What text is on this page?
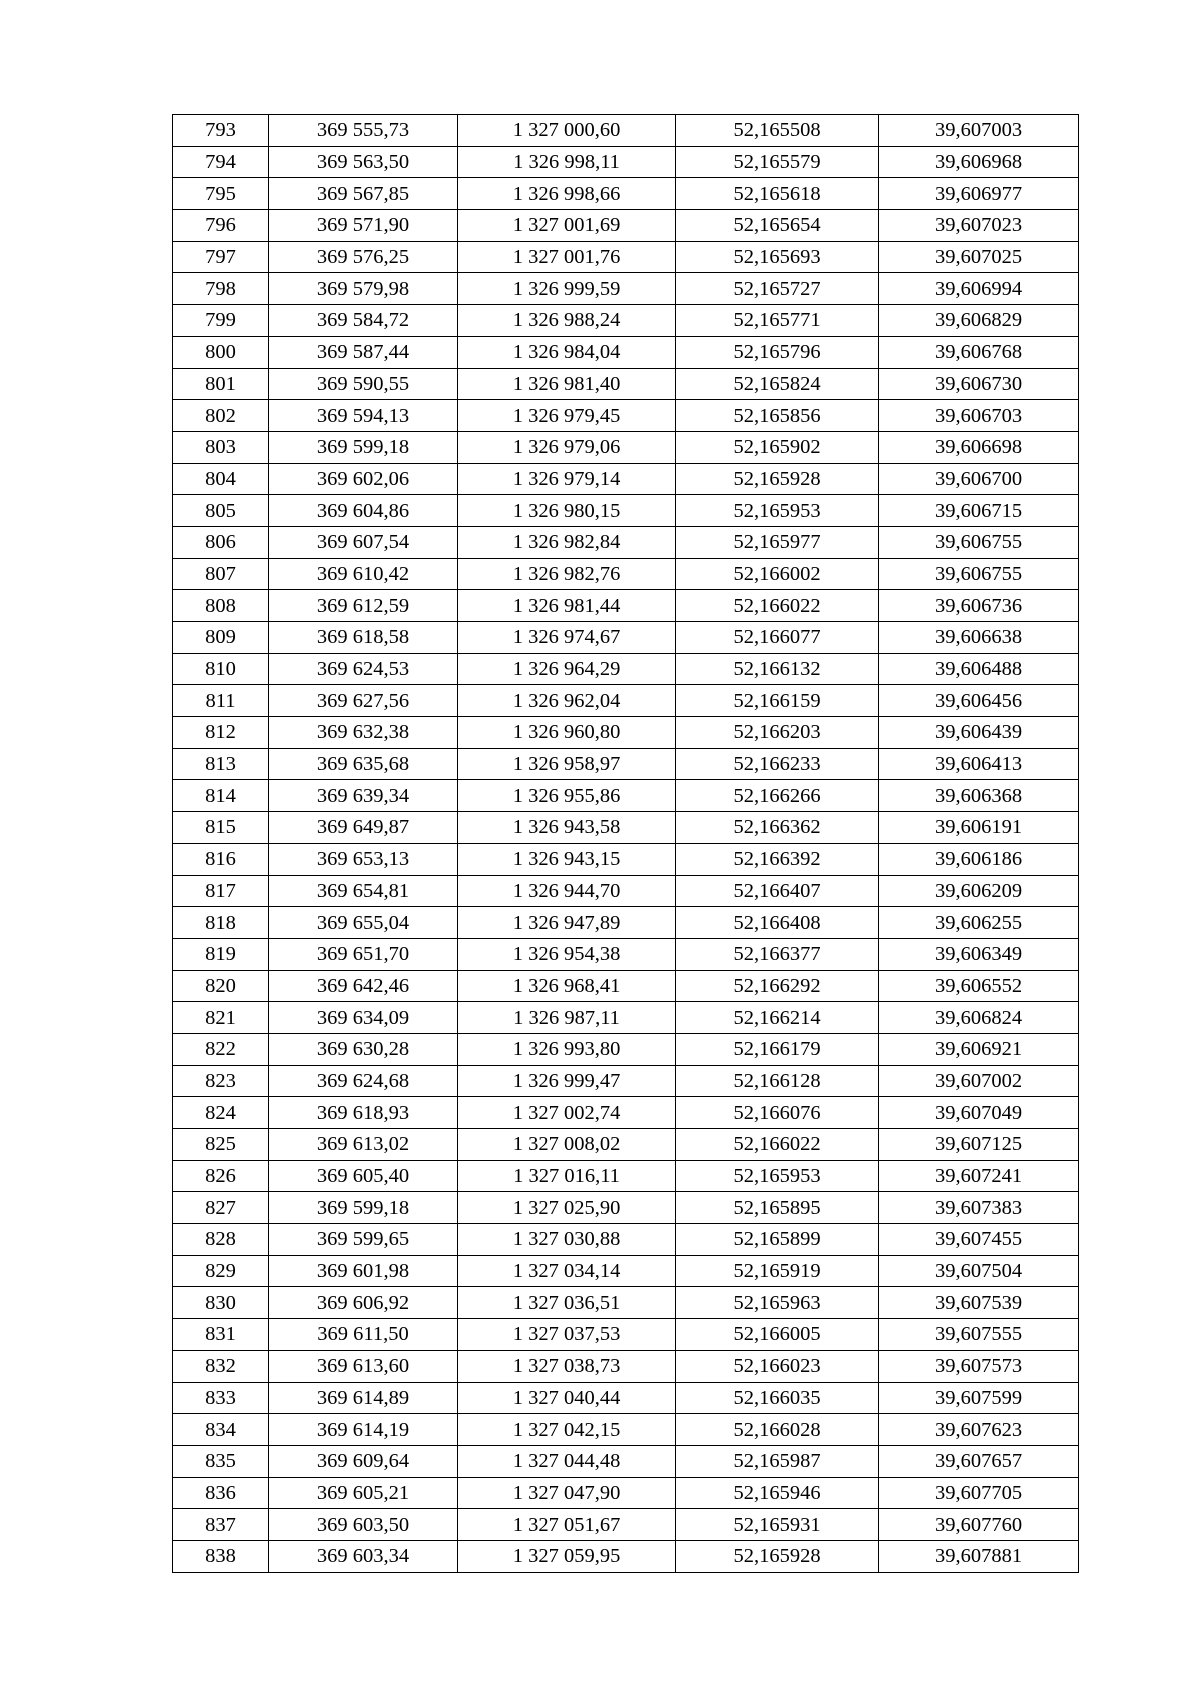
793	369 555,73	1 327 000,60	52,165508	39,607003
794	369 563,50	1 326 998,11	52,165579	39,606968
795	369 567,85	1 326 998,66	52,165618	39,606977
796	369 571,90	1 327 001,69	52,165654	39,607023
797	369 576,25	1 327 001,76	52,165693	39,607025
798	369 579,98	1 326 999,59	52,165727	39,606994
799	369 584,72	1 326 988,24	52,165771	39,606829
800	369 587,44	1 326 984,04	52,165796	39,606768
801	369 590,55	1 326 981,40	52,165824	39,606730
802	369 594,13	1 326 979,45	52,165856	39,606703
803	369 599,18	1 326 979,06	52,165902	39,606698
804	369 602,06	1 326 979,14	52,165928	39,606700
805	369 604,86	1 326 980,15	52,165953	39,606715
806	369 607,54	1 326 982,84	52,165977	39,606755
807	369 610,42	1 326 982,76	52,166002	39,606755
808	369 612,59	1 326 981,44	52,166022	39,606736
809	369 618,58	1 326 974,67	52,166077	39,606638
810	369 624,53	1 326 964,29	52,166132	39,606488
811	369 627,56	1 326 962,04	52,166159	39,606456
812	369 632,38	1 326 960,80	52,166203	39,606439
813	369 635,68	1 326 958,97	52,166233	39,606413
814	369 639,34	1 326 955,86	52,166266	39,606368
815	369 649,87	1 326 943,58	52,166362	39,606191
816	369 653,13	1 326 943,15	52,166392	39,606186
817	369 654,81	1 326 944,70	52,166407	39,606209
818	369 655,04	1 326 947,89	52,166408	39,606255
819	369 651,70	1 326 954,38	52,166377	39,606349
820	369 642,46	1 326 968,41	52,166292	39,606552
821	369 634,09	1 326 987,11	52,166214	39,606824
822	369 630,28	1 326 993,80	52,166179	39,606921
823	369 624,68	1 326 999,47	52,166128	39,607002
824	369 618,93	1 327 002,74	52,166076	39,607049
825	369 613,02	1 327 008,02	52,166022	39,607125
826	369 605,40	1 327 016,11	52,165953	39,607241
827	369 599,18	1 327 025,90	52,165895	39,607383
828	369 599,65	1 327 030,88	52,165899	39,607455
829	369 601,98	1 327 034,14	52,165919	39,607504
830	369 606,92	1 327 036,51	52,165963	39,607539
831	369 611,50	1 327 037,53	52,166005	39,607555
832	369 613,60	1 327 038,73	52,166023	39,607573
833	369 614,89	1 327 040,44	52,166035	39,607599
834	369 614,19	1 327 042,15	52,166028	39,607623
835	369 609,64	1 327 044,48	52,165987	39,607657
836	369 605,21	1 327 047,90	52,165946	39,607705
837	369 603,50	1 327 051,67	52,165931	39,607760
838	369 603,34	1 327 059,95	52,165928	39,607881
